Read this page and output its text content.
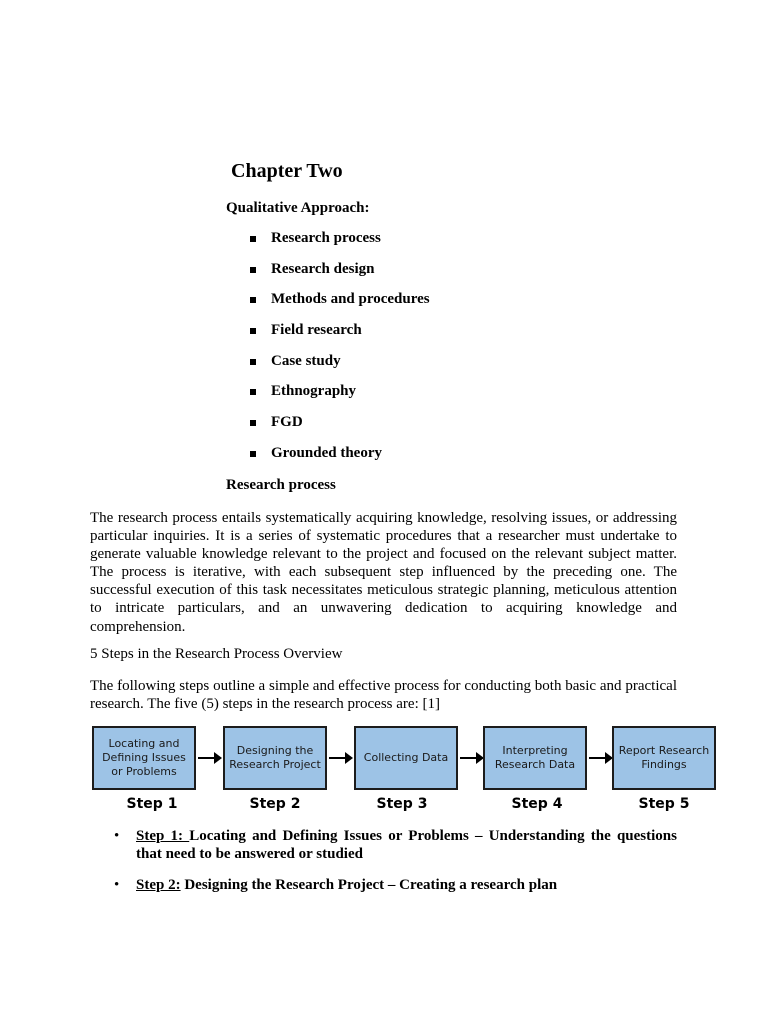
Chapter Two
Qualitative Approach:
Research process
Research design
Methods and procedures
Field research
Case study
Ethnography
FGD
Grounded theory
Research process

The research process entails systematically acquiring knowledge, resolving issues, or addressing particular inquiries. It is a series of systematic procedures that a researcher must undertake to generate valuable knowledge relevant to the project and focused on the relevant subject matter. The process is iterative, with each subsequent step influenced by the preceding one. The successful execution of this task necessitates meticulous strategic planning, meticulous attention to intricate particulars, and an unwavering dedication to acquiring knowledge and comprehension.

5 Steps in the Research Process Overview

The following steps outline a simple and effective process for conducting both basic and practical research. The five (5) steps in the research process are: [1]

Locating and Defining Issues or Problems
Designing the Research Project
Collecting Data
Interpreting Research Data
Report Research Findings
Step 1	Step 2	Step 3	Step 4	Step 5
• Step 1: Locating and Defining Issues or Problems – Understanding the questions that need to be answered or studied
• Step 2: Designing the Research Project – Creating a research plan
